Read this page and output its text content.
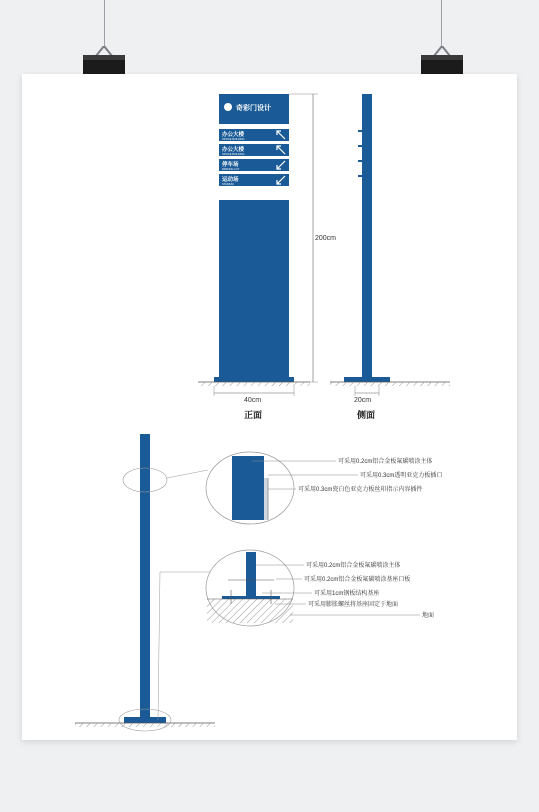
奇彩门设计
办公大楼
OFFICE BUILDING
办公大楼
OFFICE BUILDING
停车场
PARKING LOT
运动场
STADIUM
200cm
40cm
正面
20cm
侧面
可采用0.2cm铝合金板氟碳喷涂主体
可采用0.3cm透明亚克力板插口
可采用0.3cm瓷白色亚克力板丝印指示内容插件
可采用0.2cm铝合金板氟碳喷涂主体
可采用0.2cm铝合金板氟碳喷涂基座口板
可采用1cm钢板结构基座
可采用膨胀螺丝将基座固定于地面
地面
